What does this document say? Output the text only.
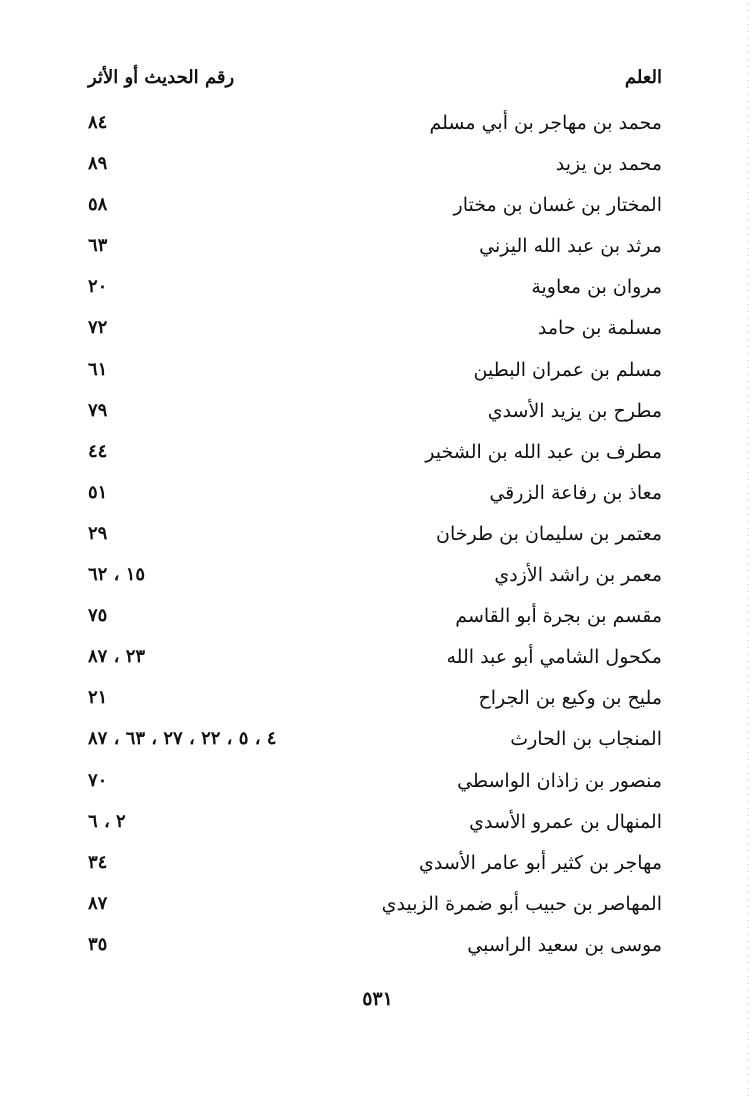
العلم
رقم الحديث أو الأثر
محمد بن مهاجر بن أبي مسلم
٨٤
محمد بن يزيد
٨٩
المختار بن غسان بن مختار
٥٨
مرثد بن عبد الله اليزني
٦٣
مروان بن معاوية
٢٠
مسلمة بن حامد
٧٢
مسلم بن عمران البطين
٦١
مطرح بن يزيد الأسدي
٧٩
مطرف بن عبد الله بن الشخير
٤٤
معاذ بن رفاعة الزرقي
٥١
معتمر بن سليمان بن طرخان
٢٩
معمر بن راشد الأزدي
١٥ ، ٦٢
مقسم بن بجرة أبو القاسم
٧٥
مكحول الشامي أبو عبد الله
٢٣ ، ٨٧
مليح بن وكيع بن الجراح
٢١
المنجاب بن الحارث
٤ ، ٥ ، ٢٢ ، ٢٧ ، ٦٣ ، ٨٧
منصور بن زاذان الواسطي
٧٠
المنهال بن عمرو الأسدي
٢ ، ٦
مهاجر بن كثير أبو عامر الأسدي
٣٤
المهاصر بن حبيب أبو ضمرة الزبيدي
٨٧
موسى بن سعيد الراسبي
٣٥
٥٣١
